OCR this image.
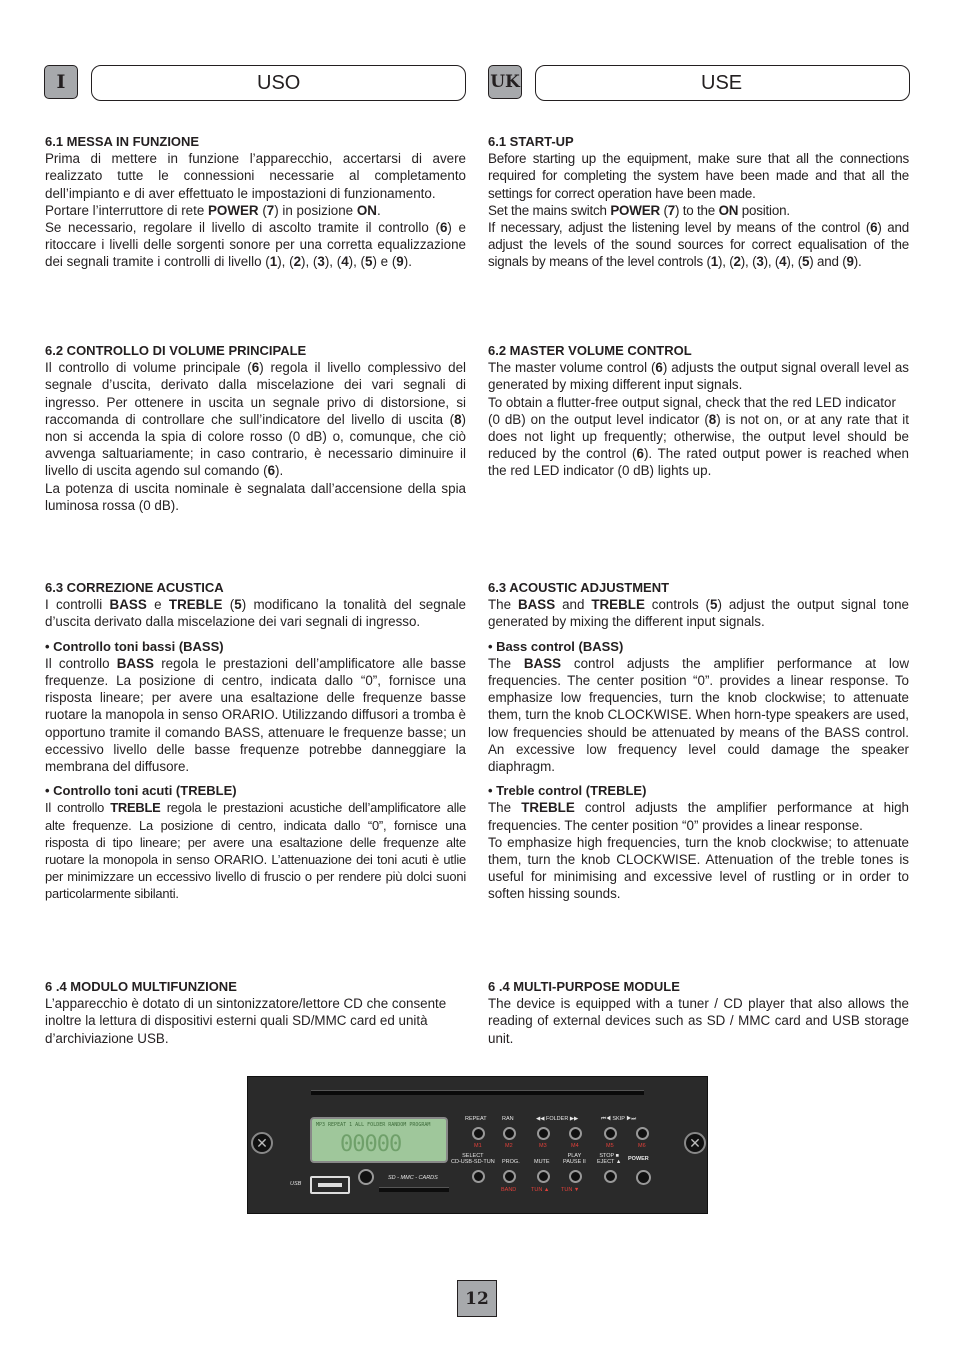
I	USO	UK	USE

6.1 MESSA IN FUNZIONE

Prima di mettere in funzione l’apparecchio, accertarsi di avere realizzato tutte le connessioni necessarie al completamento dell’impianto e di aver effettuato le impostazioni di funzionamento.
Portare l’interruttore di rete POWER (7) in posizione ON.
Se necessario, regolare il livello di ascolto tramite il controllo (6) e ritoccare i livelli delle sorgenti sonore per una corretta equalizzazione dei segnali tramite i controlli di livello (1), (2), (3), (4), (5) e (9).

6.2 CONTROLLO DI VOLUME PRINCIPALE

Il controllo di volume principale (6) regola il livello complessivo del segnale d’uscita, derivato dalla miscelazione dei vari segnali di ingresso. Per ottenere in uscita un segnale privo di distorsione, si raccomanda di controllare che sull’indicatore del livello di uscita (8) non si accenda la spia di colore rosso (0 dB) o, comunque, che ciò avvenga saltuariamente; in caso contrario, è necessario diminuire il livello di uscita agendo sul comando (6).
La potenza di uscita nominale è segnalata dall’accensione della spia luminosa rossa (0 dB).

6.3 CORREZIONE ACUSTICA

I controlli BASS e TREBLE (5) modificano la tonalità del segnale d’uscita derivato dalla miscelazione dei vari segnali di ingresso.

• Controllo toni bassi (BASS)

Il controllo BASS regola le prestazioni dell’amplificatore alle basse frequenze. La posizione di centro, indicata dallo “0”, fornisce una risposta lineare; per avere una esaltazione delle frequenze basse ruotare la manopola in senso ORARIO. Utilizzando diffusori a tromba è opportuno tramite il comando BASS, attenuare le frequenze basse; un eccessivo livello delle basse frequenze potrebbe danneggiare la membrana del diffusore.

• Controllo toni acuti (TREBLE)

Il controllo TREBLE regola le prestazioni acustiche dell’amplificatore alle alte frequenze. La posizione di centro, indicata dallo “0”, fornisce una risposta di tipo lineare; per avere una esaltazione delle frequenze alte ruotare la monopola in senso ORARIO. L’attenuazione dei toni acuti è utlie per minimizzare un eccessivo livello di fruscio o per rendere più dolci suoni particolarmente sibilanti.

6 .4 MODULO MULTIFUNZIONE

L’apparecchio è dotato di un sintonizzatore/lettore CD che consente inoltre la lettura di dispositivi esterni quali SD/MMC card ed unità d’archiviazione USB.

6.1 START-UP

Before starting up the equipment, make sure that all the connections required for completing the system have been made and that all the settings for correct operation have been made.
Set the mains switch POWER (7) to the ON position.
If necessary, adjust the listening level by means of the control (6) and adjust the levels of the sound sources for correct equalisation of the signals by means of the level controls (1), (2), (3), (4), (5) and (9).

6.2 MASTER VOLUME CONTROL

The master volume control (6) adjusts the output signal overall level as generated by mixing different input signals.
To obtain a flutter-free output signal, check that the red LED indicator
(0 dB) on the output level indicator (8) is not on, or at any rate that it does not light up frequently; otherwise, the output level should be reduced by the control (6). The rated output power is reached when the red LED indicator (0 dB) lights up.

6.3 ACOUSTIC ADJUSTMENT

The BASS and TREBLE controls (5) adjust the output signal tone generated by mixing the different input signals.

• Bass control (BASS)

The BASS control adjusts the amplifier performance at low frequencies. The center position “0”. provides a linear response. To emphasize low frequencies, turn the knob clockwise; to attenuate them, turn the knob CLOCKWISE. When horn-type speakers are used, low frequencies should be attenuated by means of the BASS control. An excessive low frequency level could damage the speaker diaphragm.

• Treble control (TREBLE)

The TREBLE control adjusts the amplifier performance at high frequencies. The center position “0” provides a linear response.
To emphasize high frequencies, turn the knob clockwise; to attenuate them, turn the knob CLOCKWISE. Attenuation of the treble tones is useful for minimising and excessive level of rustling or in order to soften hissing sounds.

6 .4 MULTI-PURPOSE MODULE

The device is equipped with a tuner / CD player that also allows the reading of external devices such as SD / MMC card and USB storage unit.

✕	✕
MP3 REPEAT 1 ALL FOLDER RANDOM PROGRAM
00000
REPEAT	RAN	◀◀ FOLDER ▶▶	⏮◀ SKIP ▶⏭
M1	M2	M3	M4	M5	M6
SELECT
CD-USB-SD-TUN PROG.	MUTE
PLAY
PAUSE II
STOP ■
EJECT ▲ POWER
BAND	TUN ▲ TUN ▼
USB
SD - MMC - CARDS
12
